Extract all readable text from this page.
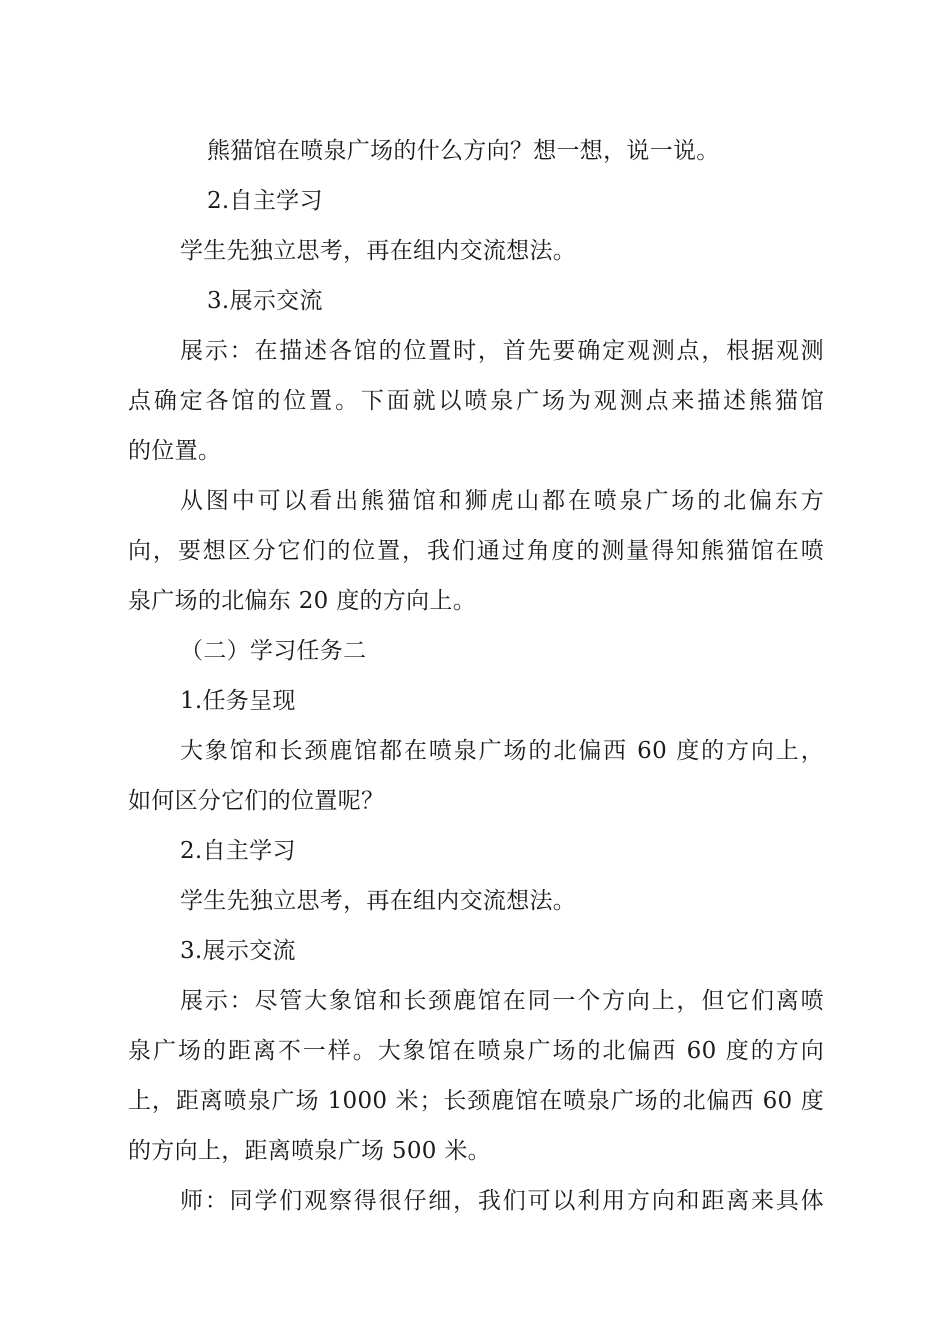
熊猫馆在喷泉广场的什么方向？想一想，说一说。
2.自主学习
学生先独立思考，再在组内交流想法。
3.展示交流
展示：在描述各馆的位置时，首先要确定观测点，根据观测
点确定各馆的位置。下面就以喷泉广场为观测点来描述熊猫馆
的位置。
从图中可以看出熊猫馆和狮虎山都在喷泉广场的北偏东方
向，要想区分它们的位置，我们通过角度的测量得知熊猫馆在喷
泉广场的北偏东 20 度的方向上。
（二）学习任务二
1.任务呈现
大象馆和长颈鹿馆都在喷泉广场的北偏西 60 度的方向上，
如何区分它们的位置呢？
2.自主学习
学生先独立思考，再在组内交流想法。
3.展示交流
展示：尽管大象馆和长颈鹿馆在同一个方向上，但它们离喷
泉广场的距离不一样。大象馆在喷泉广场的北偏西 60 度的方向
上，距离喷泉广场 1000 米；长颈鹿馆在喷泉广场的北偏西 60 度
的方向上，距离喷泉广场 500 米。
师：同学们观察得很仔细，我们可以利用方向和距离来具体
